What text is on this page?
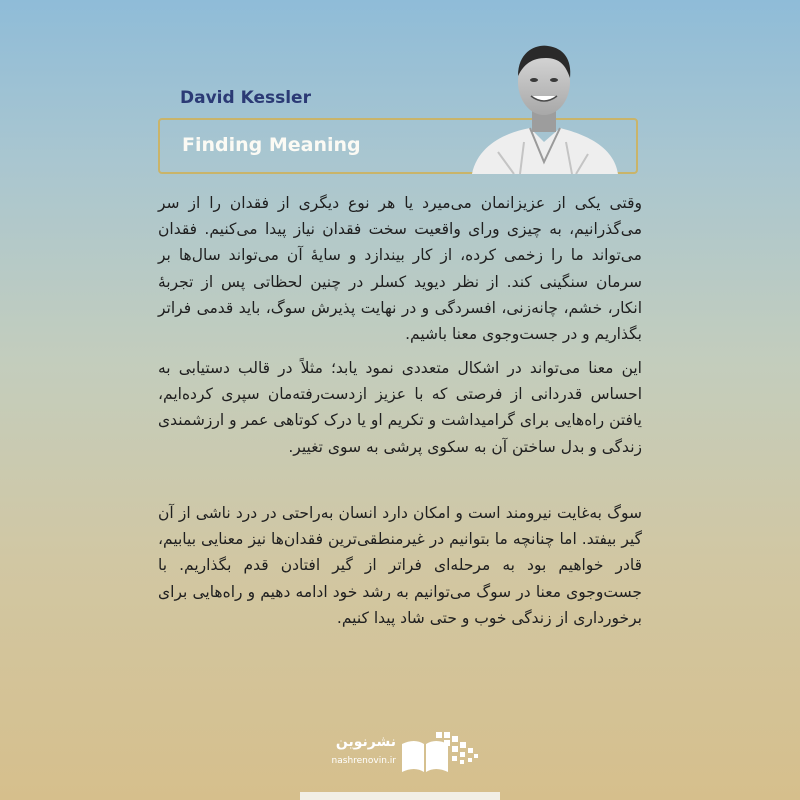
David Kessler
Finding Meaning

وقتی یکی از عزیزانمان می‌میرد یا هر نوع دیگری از فقدان را از سر می‌گذرانیم، به چیزی ورای واقعیت سخت فقدان نیاز پیدا می‌کنیم. فقدان می‌تواند ما را زخمی کرده، از کار بیندازد و سایهٔ آن می‌تواند سال‌ها بر سرمان سنگینی کند. از نظر دیوید کسلر در چنین لحظاتی پس از تجربهٔ انکار، خشم، چانه‌زنی، افسردگی و در نهایت پذیرش سوگ، باید قدمی فراتر بگذاریم و در جست‌وجوی معنا باشیم.

این معنا می‌تواند در اشکال متعددی نمود یابد؛ مثلاً در قالب دستیابی به احساس قدردانی از فرصتی که با عزیز ازدست‌رفته‌مان سپری کرده‌ایم، یافتن راه‌هایی برای گرامیداشت و تکریم او یا درک کوتاهی عمر و ارزشمندی زندگی و بدل ساختن آن به سکوی پرشی به سوی تغییر.

سوگ به‌غایت نیرومند است و امکان دارد انسان به‌راحتی در درد ناشی از آن گیر بیفتد. اما چنانچه ما بتوانیم در غیرمنطقی‌ترین فقدان‌ها نیز معنایی بیابیم، قادر خواهیم بود به مرحله‌ای فراتر از گیر افتادن قدم بگذاریم. با جست‌وجوی معنا در سوگ می‌توانیم به رشد خود ادامه دهیم و راه‌هایی برای برخورداری از زندگی خوب و حتی شاد پیدا کنیم.

نشرنوین
nashrenovin.ir
